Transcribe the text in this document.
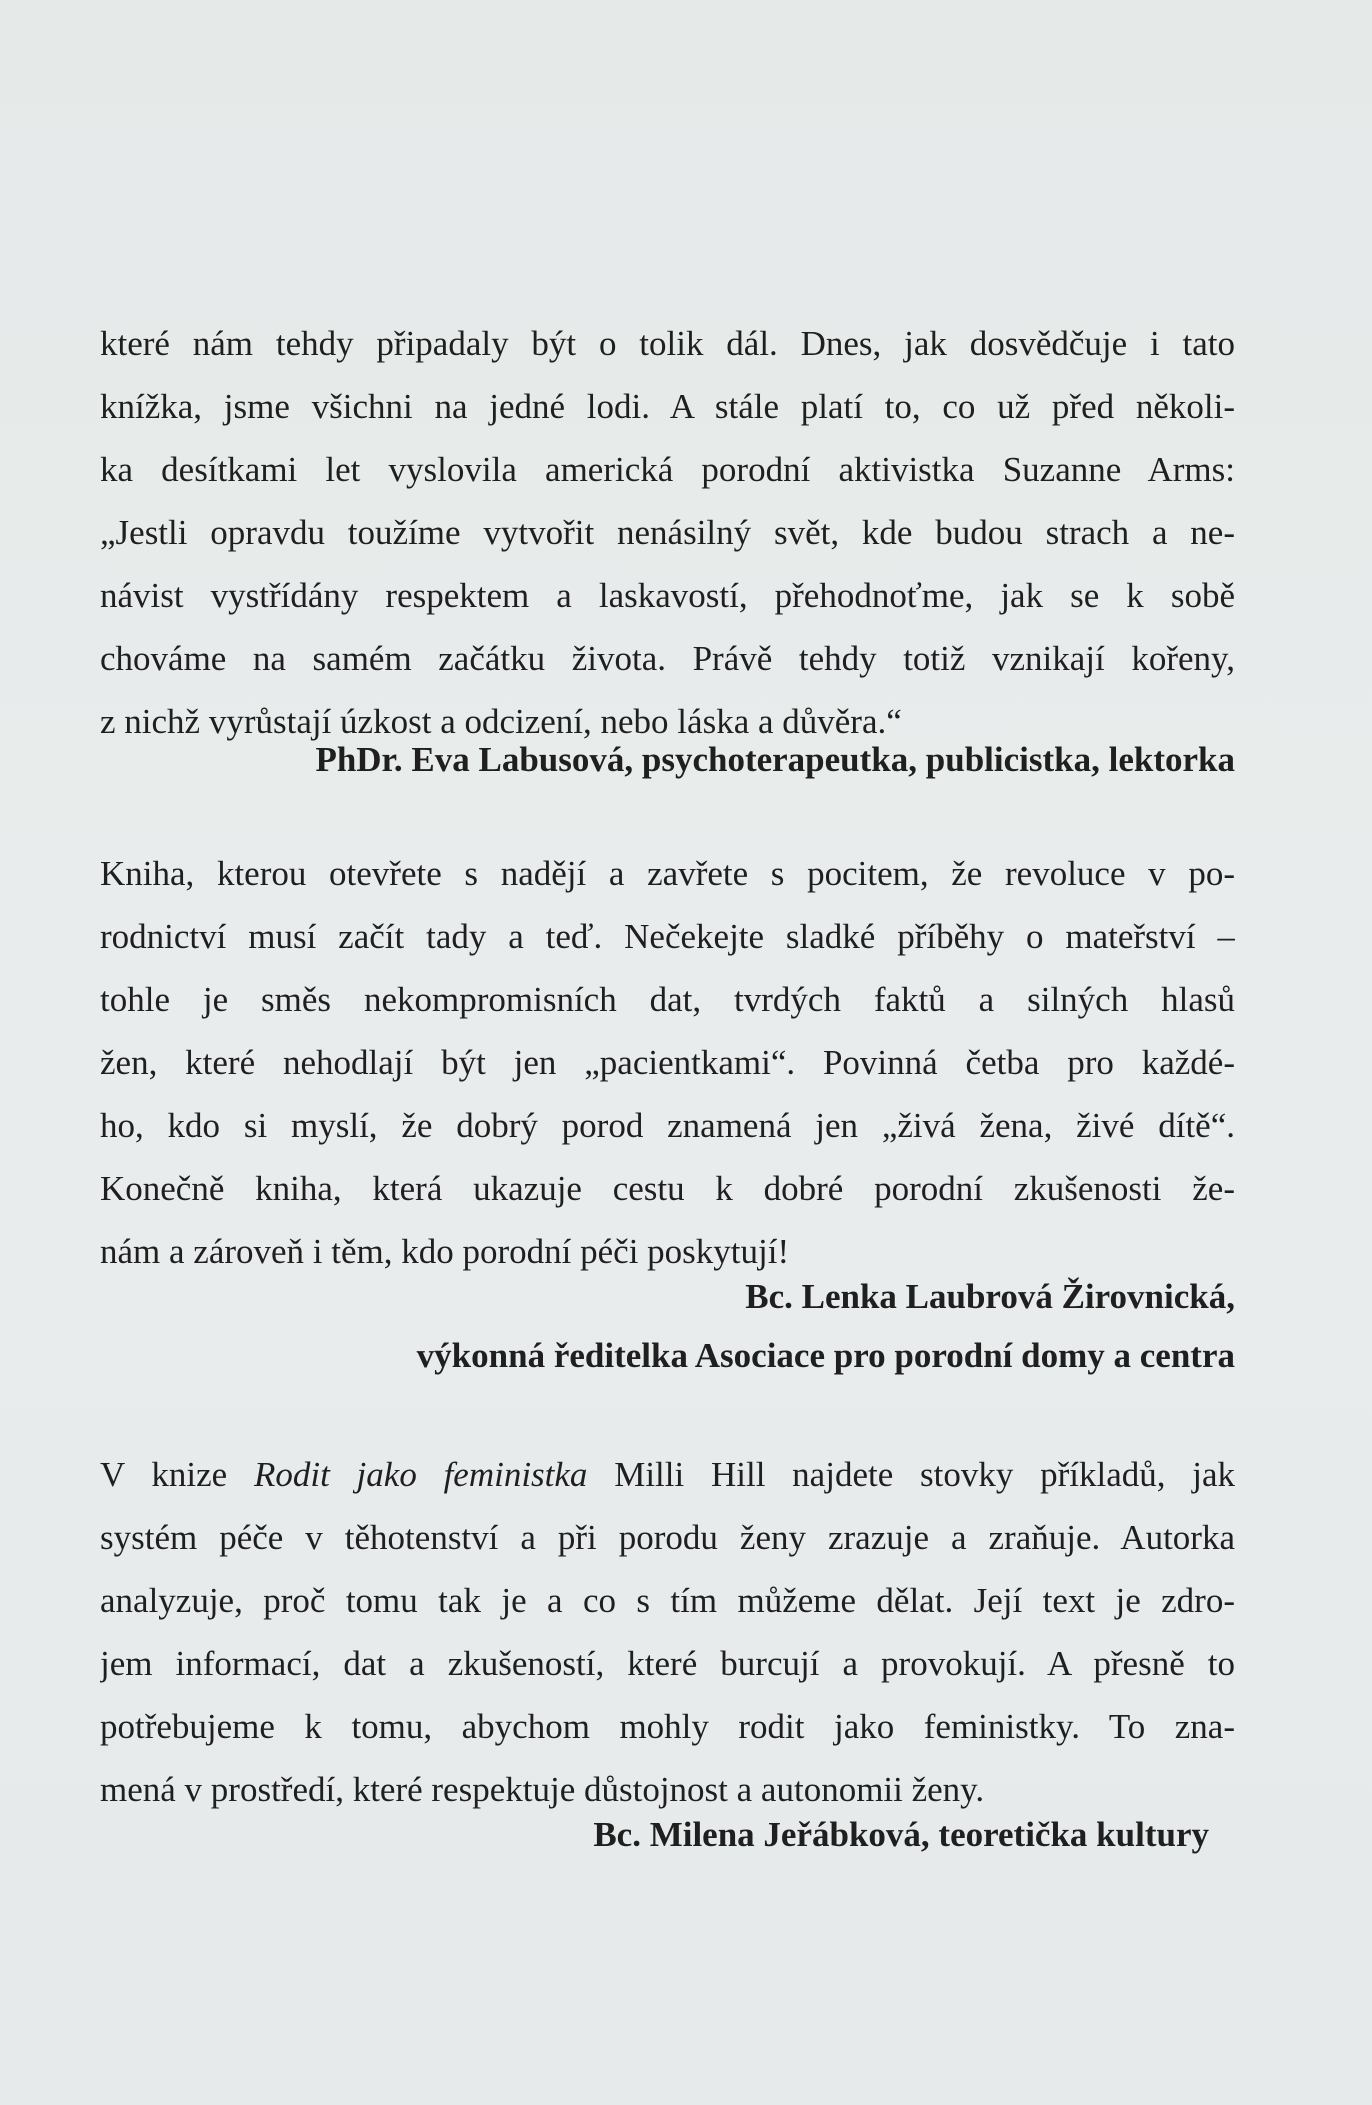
které nám tehdy připadaly být o tolik dál. Dnes, jak dosvědčuje i tato
knížka, jsme všichni na jedné lodi. A stále platí to, co už před několi-
ka desítkami let vyslovila americká porodní aktivistka Suzanne Arms:
„Jestli opravdu toužíme vytvořit nenásilný svět, kde budou strach a ne-
návist vystřídány respektem a laskavostí, přehodnoťme, jak se k sobě
chováme na samém začátku života. Právě tehdy totiž vznikají kořeny,
z nichž vyrůstají úzkost a odcizení, nebo láska a důvěra.“
PhDr. Eva Labusová, psychoterapeutka, publicistka, lektorka
Kniha, kterou otevřete s nadějí a zavřete s pocitem, že revoluce v po-
rodnictví musí začít tady a teď. Nečekejte sladké příběhy o mateřství –
tohle je směs nekompromisních dat, tvrdých faktů a silných hlasů
žen, které nehodlají být jen „pacientkami“. Povinná četba pro každé-
ho, kdo si myslí, že dobrý porod znamená jen „živá žena, živé dítě“.
Konečně kniha, která ukazuje cestu k dobré porodní zkušenosti že-
nám a zároveň i těm, kdo porodní péči poskytují!
Bc. Lenka Laubrová Žirovnická,
výkonná ředitelka Asociace pro porodní domy a centra
V knize Rodit jako feministka Milli Hill najdete stovky příkladů, jak
systém péče v těhotenství a při porodu ženy zrazuje a zraňuje. Autorka
analyzuje, proč tomu tak je a co s tím můžeme dělat. Její text je zdro-
jem informací, dat a zkušeností, které burcují a provokují. A přesně to
potřebujeme k tomu, abychom mohly rodit jako feministky. To zna-
mená v prostředí, které respektuje důstojnost a autonomii ženy.
Bc. Milena Jeřábková, teoretička kultury
